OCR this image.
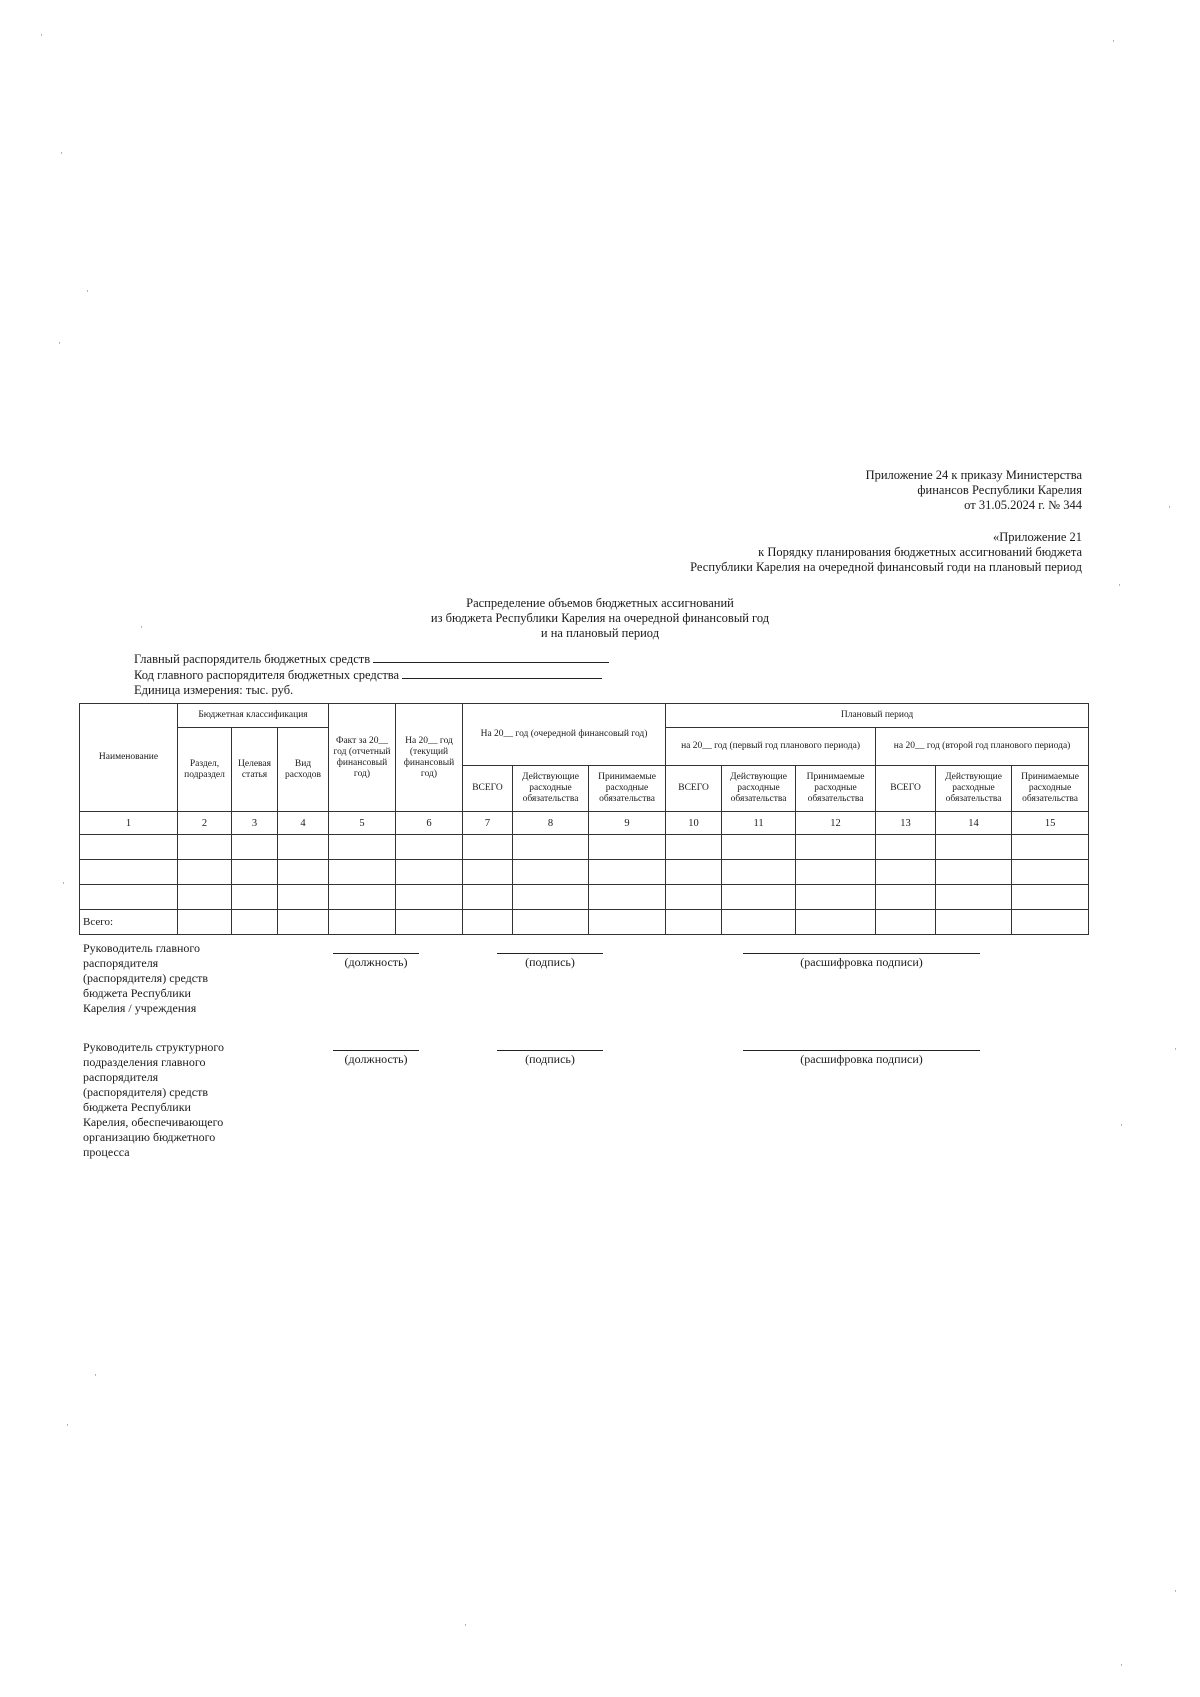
Приложение 24 к приказу Министерства
финансов Республики Карелия
от 31.05.2024 г. № 344
«Приложение 21
к Порядку планирования бюджетных ассигнований бюджета
Республики Карелия на очередной финансовый годи на плановый период
Распределение объемов бюджетных ассигнований
из бюджета Республики Карелия на очередной финансовый год
и на плановый период
Главный распорядитель бюджетных средств
Код главного распорядителя бюджетных средства
Единица измерения: тыс. руб.
Наименование	Бюджетная классификация			Факт за 20__ год (отчетный финансовый год)	На 20__ год (текущий финансовый год)	На 20__ год (очередной финансовый год)			Плановый период					
	Раздел, подраздел	Целевая статья	Вид расходов						на 20__ год (первый год планового периода)			на 20__ год (второй год планового периода)		
						ВСЕГО	Действующие расходные обязательства	Принимаемые расходные обязательства	ВСЕГО	Действующие расходные обязательства	Принимаемые расходные обязательства	ВСЕГО	Действующие расходные обязательства	Принимаемые расходные обязательства
1	2	3	4	5	6	7	8	9	10	11	12	13	14	15

Всего:														
Руководитель главного распорядителя (распорядителя) средств бюджета Республики Карелия / учреждения
(должность)	(подпись)	(расшифровка подписи)
Руководитель структурного подразделения главного распорядителя (распорядителя) средств бюджета Республики Карелия, обеспечивающего организацию бюджетного процесса
(должность)	(подпись)	(расшифровка подписи)
·
·
·
·
·
·
·
·
·
·
·
·
·
·
·
·
